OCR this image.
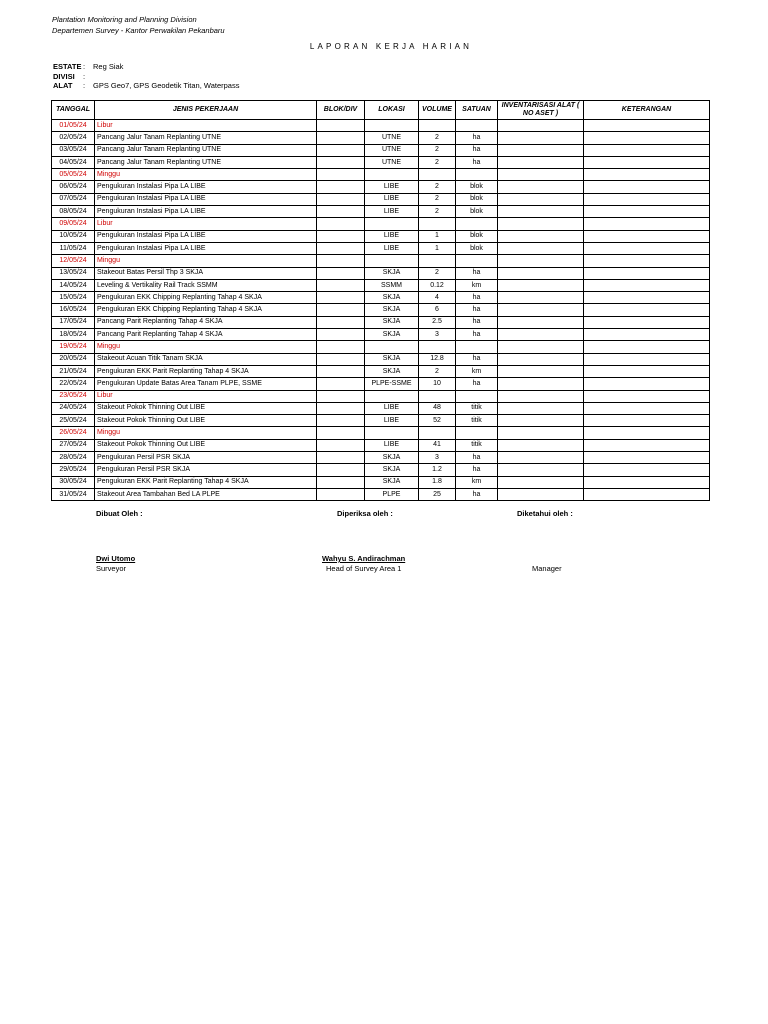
Plantation Monitoring and Planning Division
Departemen Survey - Kantor Perwakilan Pekanbaru
LAPORAN KERJA HARIAN
ESTATE : Reg Siak
DIVISI :
ALAT : GPS Geo7, GPS Geodetik Titan, Waterpass
TANGGAL	JENIS PEKERJAAN	BLOK/DIV	LOKASI	VOLUME	SATUAN	INVENTARISASI ALAT ( NO ASET )	KETERANGAN
01/05/24	Libur						
02/05/24	Pancang Jalur Tanam Replanting UTNE		UTNE	2	ha		
03/05/24	Pancang Jalur Tanam Replanting UTNE		UTNE	2	ha		
04/05/24	Pancang Jalur Tanam Replanting UTNE		UTNE	2	ha		
05/05/24	Minggu						
06/05/24	Pengukuran Instalasi Pipa LA LIBE		LIBE	2	blok		
07/05/24	Pengukuran Instalasi Pipa LA LIBE		LIBE	2	blok		
08/05/24	Pengukuran Instalasi Pipa LA LIBE		LIBE	2	blok		
09/05/24	Libur						
10/05/24	Pengukuran Instalasi Pipa LA LIBE		LIBE	1	blok		
11/05/24	Pengukuran Instalasi Pipa LA LIBE		LIBE	1	blok		
12/05/24	Minggu						
13/05/24	Stakeout Batas Persil Thp 3 SKJA		SKJA	2	ha		
14/05/24	Leveling & Vertikality Rail Track SSMM		SSMM	0.12	km		
15/05/24	Pengukuran EKK Chipping Replanting Tahap 4 SKJA		SKJA	4	ha		
16/05/24	Pengukuran EKK Chipping Replanting Tahap 4 SKJA		SKJA	6	ha		
17/05/24	Pancang Parit Replanting Tahap 4 SKJA		SKJA	2.5	ha		
18/05/24	Pancang Parit Replanting Tahap 4 SKJA		SKJA	3	ha		
19/05/24	Minggu						
20/05/24	Stakeout Acuan Titik Tanam SKJA		SKJA	12.8	ha		
21/05/24	Pengukuran EKK Parit Replanting Tahap 4 SKJA		SKJA	2	km		
22/05/24	Pengukuran Update Batas Area Tanam PLPE, SSME		PLPE-SSME	10	ha		
23/05/24	Libur						
24/05/24	Stakeout Pokok Thinning Out LIBE		LIBE	48	titik		
25/05/24	Stakeout Pokok Thinning Out LIBE		LIBE	52	titik		
26/05/24	Minggu						
27/05/24	Stakeout Pokok Thinning Out LIBE		LIBE	41	titik		
28/05/24	Pengukuran Persil PSR SKJA		SKJA	3	ha		
29/05/24	Pengukuran Persil PSR SKJA		SKJA	1.2	ha		
30/05/24	Pengukuran EKK Parit Replanting Tahap 4 SKJA		SKJA	1.8	km		
31/05/24	Stakeout Area Tambahan Bed LA PLPE		PLPE	25	ha		
Dibuat Oleh :	Diperiksa oleh :	Diketahui oleh :
Dwi Utomo
Surveyor
Wahyu S. Andirachman
Head of Survey Area 1	Manager
